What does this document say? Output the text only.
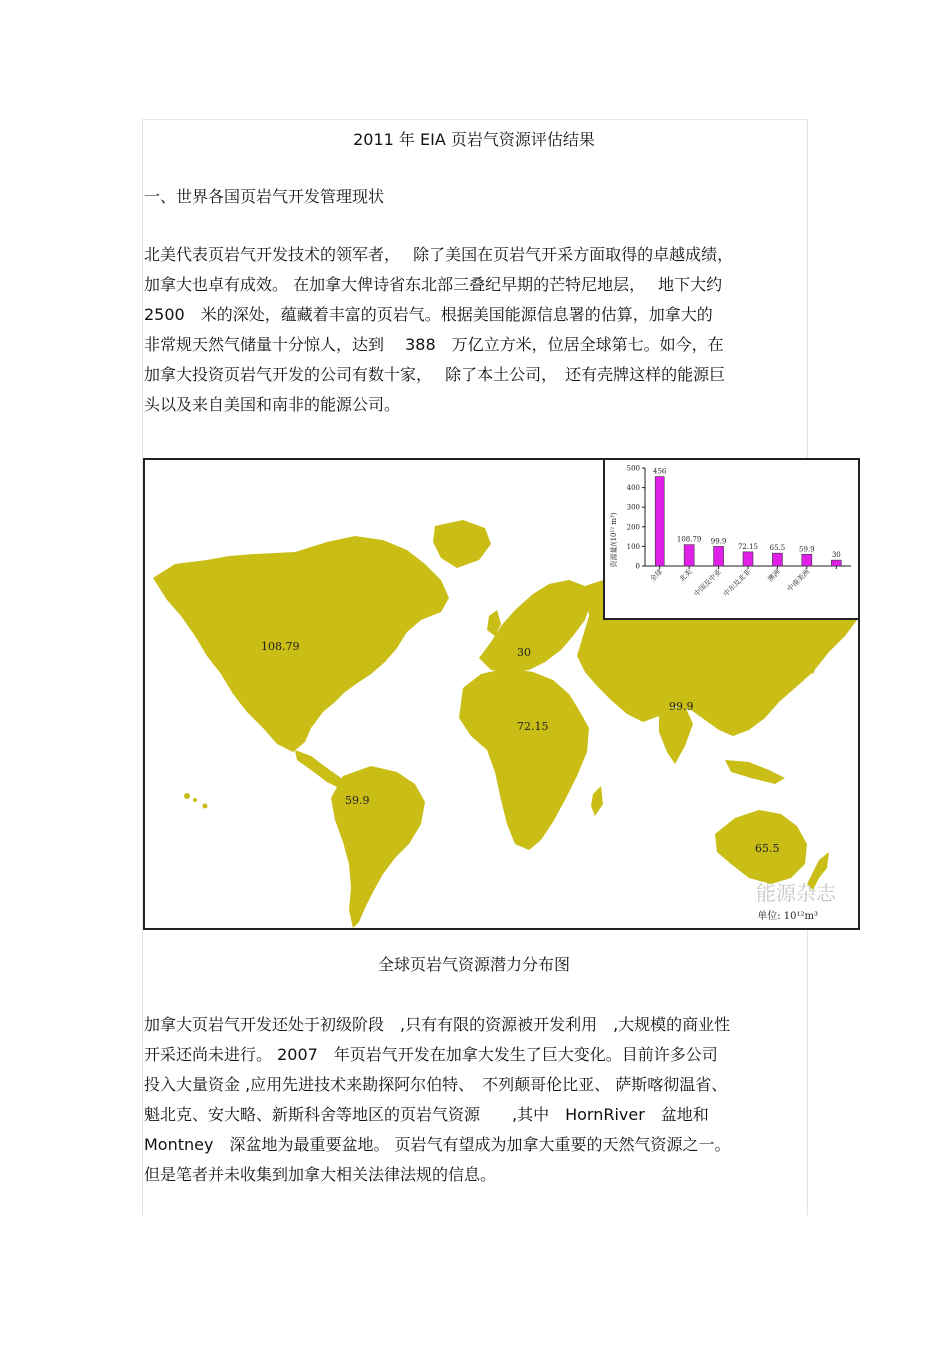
2011 年 EIA 页岩气资源评估结果
一、世界各国页岩气开发管理现状

北美代表页岩气开发技术的领军者，　 除了美国在页岩气开采方面取得的卓越成绩，

加拿大也卓有成效。 在加拿大俾诗省东北部三叠纪早期的芒特尼地层，　 地下大约

2500　米的深处，蕴藏着丰富的页岩气。根据美国能源信息署的估算，加拿大的

非常规天然气储量十分惊人，达到　 388　万亿立方米，位居全球第七。如今，在

加拿大投资页岩气开发的公司有数十家，　 除了本土公司，　还有壳牌这样的能源巨

头以及来自美国和南非的能源公司。

108.79	30
72.15
99.9
59.9
65.5
资源量/(10¹² m³)	0
100
200
300
400
500 456
全球
108.79
北美
99.9
中国及中亚
72.15
中东及北非
65.5
澳洲
59.9
中南美洲
30
能源杂志
单位: 10¹²m³
全球页岩气资源潜力分布图

加拿大页岩气开发还处于初级阶段　,只有有限的资源被开发利用　,大规模的商业性

开采还尚未进行。 2007　年页岩气开发在加拿大发生了巨大变化。目前许多公司

投入大量资金 ,应用先进技术来勘探阿尔伯特、　不列颠哥伦比亚、 萨斯喀彻温省、

魁北克、安大略、新斯科舍等地区的页岩气资源　　,其中　HornRiver　盆地和

Montney　深盆地为最重要盆地。 页岩气有望成为加拿大重要的天然气资源之一。

但是笔者并未收集到加拿大相关法律法规的信息。
